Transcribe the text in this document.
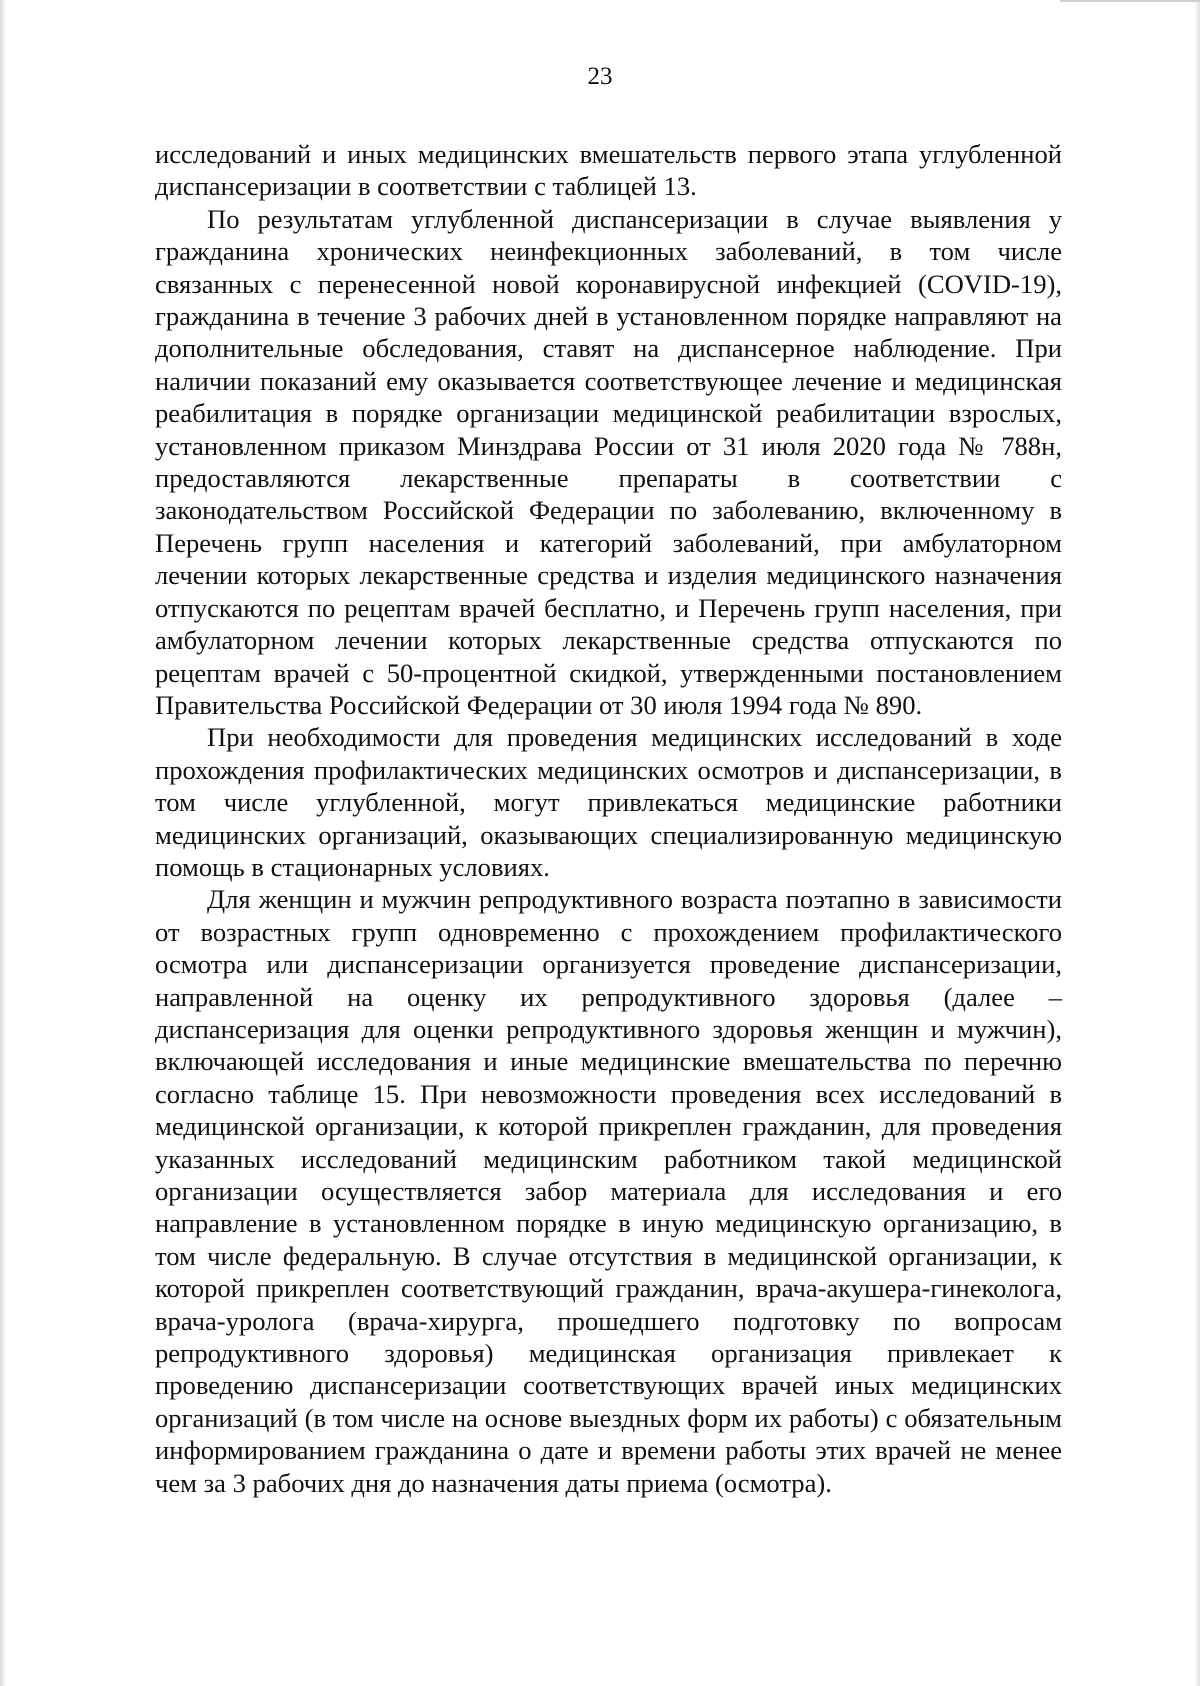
23

исследований и иных медицинских вмешательств первого этапа углубленной диспансеризации в соответствии с таблицей 13.

По результатам углубленной диспансеризации в случае выявления у гражданина хронических неинфекционных заболеваний, в том числе связанных с перенесенной новой коронавирусной инфекцией (COVID-19), гражданина в течение 3 рабочих дней в установленном порядке направляют на дополнительные обследования, ставят на диспансерное наблюдение. При наличии показаний ему оказывается соответствующее лечение и медицинская реабилитация в порядке организации медицинской реабилитации взрослых, установленном приказом Минздрава России от 31 июля 2020 года № 788н, предоставляются лекарственные препараты в соответствии с законодательством Российской Федерации по заболеванию, включенному в Перечень групп населения и категорий заболеваний, при амбулаторном лечении которых лекарственные средства и изделия медицинского назначения отпускаются по рецептам врачей бесплатно, и Перечень групп населения, при амбулаторном лечении которых лекарственные средства отпускаются по рецептам врачей с 50-процентной скидкой, утвержденными постановлением Правительства Российской Федерации от 30 июля 1994 года № 890.

При необходимости для проведения медицинских исследований в ходе прохождения профилактических медицинских осмотров и диспансеризации, в том числе углубленной, могут привлекаться медицинские работники медицинских организаций, оказывающих специализированную медицинскую помощь в стационарных условиях.

Для женщин и мужчин репродуктивного возраста поэтапно в зависимости от возрастных групп одновременно с прохождением профилактического осмотра или диспансеризации организуется проведение диспансеризации, направленной на оценку их репродуктивного здоровья (далее – диспансеризация для оценки репродуктивного здоровья женщин и мужчин), включающей исследования и иные медицинские вмешательства по перечню согласно таблице 15. При невозможности проведения всех исследований в медицинской организации, к которой прикреплен гражданин, для проведения указанных исследований медицинским работником такой медицинской организации осуществляется забор материала для исследования и его направление в установленном порядке в иную медицинскую организацию, в том числе федеральную. В случае отсутствия в медицинской организации, к которой прикреплен соответствующий гражданин, врача-акушера-гинеколога, врача-уролога (врача-хирурга, прошедшего подготовку по вопросам репродуктивного здоровья) медицинская организация привлекает к проведению диспансеризации соответствующих врачей иных медицинских организаций (в том числе на основе выездных форм их работы) с обязательным информированием гражданина о дате и времени работы этих врачей не менее чем за 3 рабочих дня до назначения даты приема (осмотра).
